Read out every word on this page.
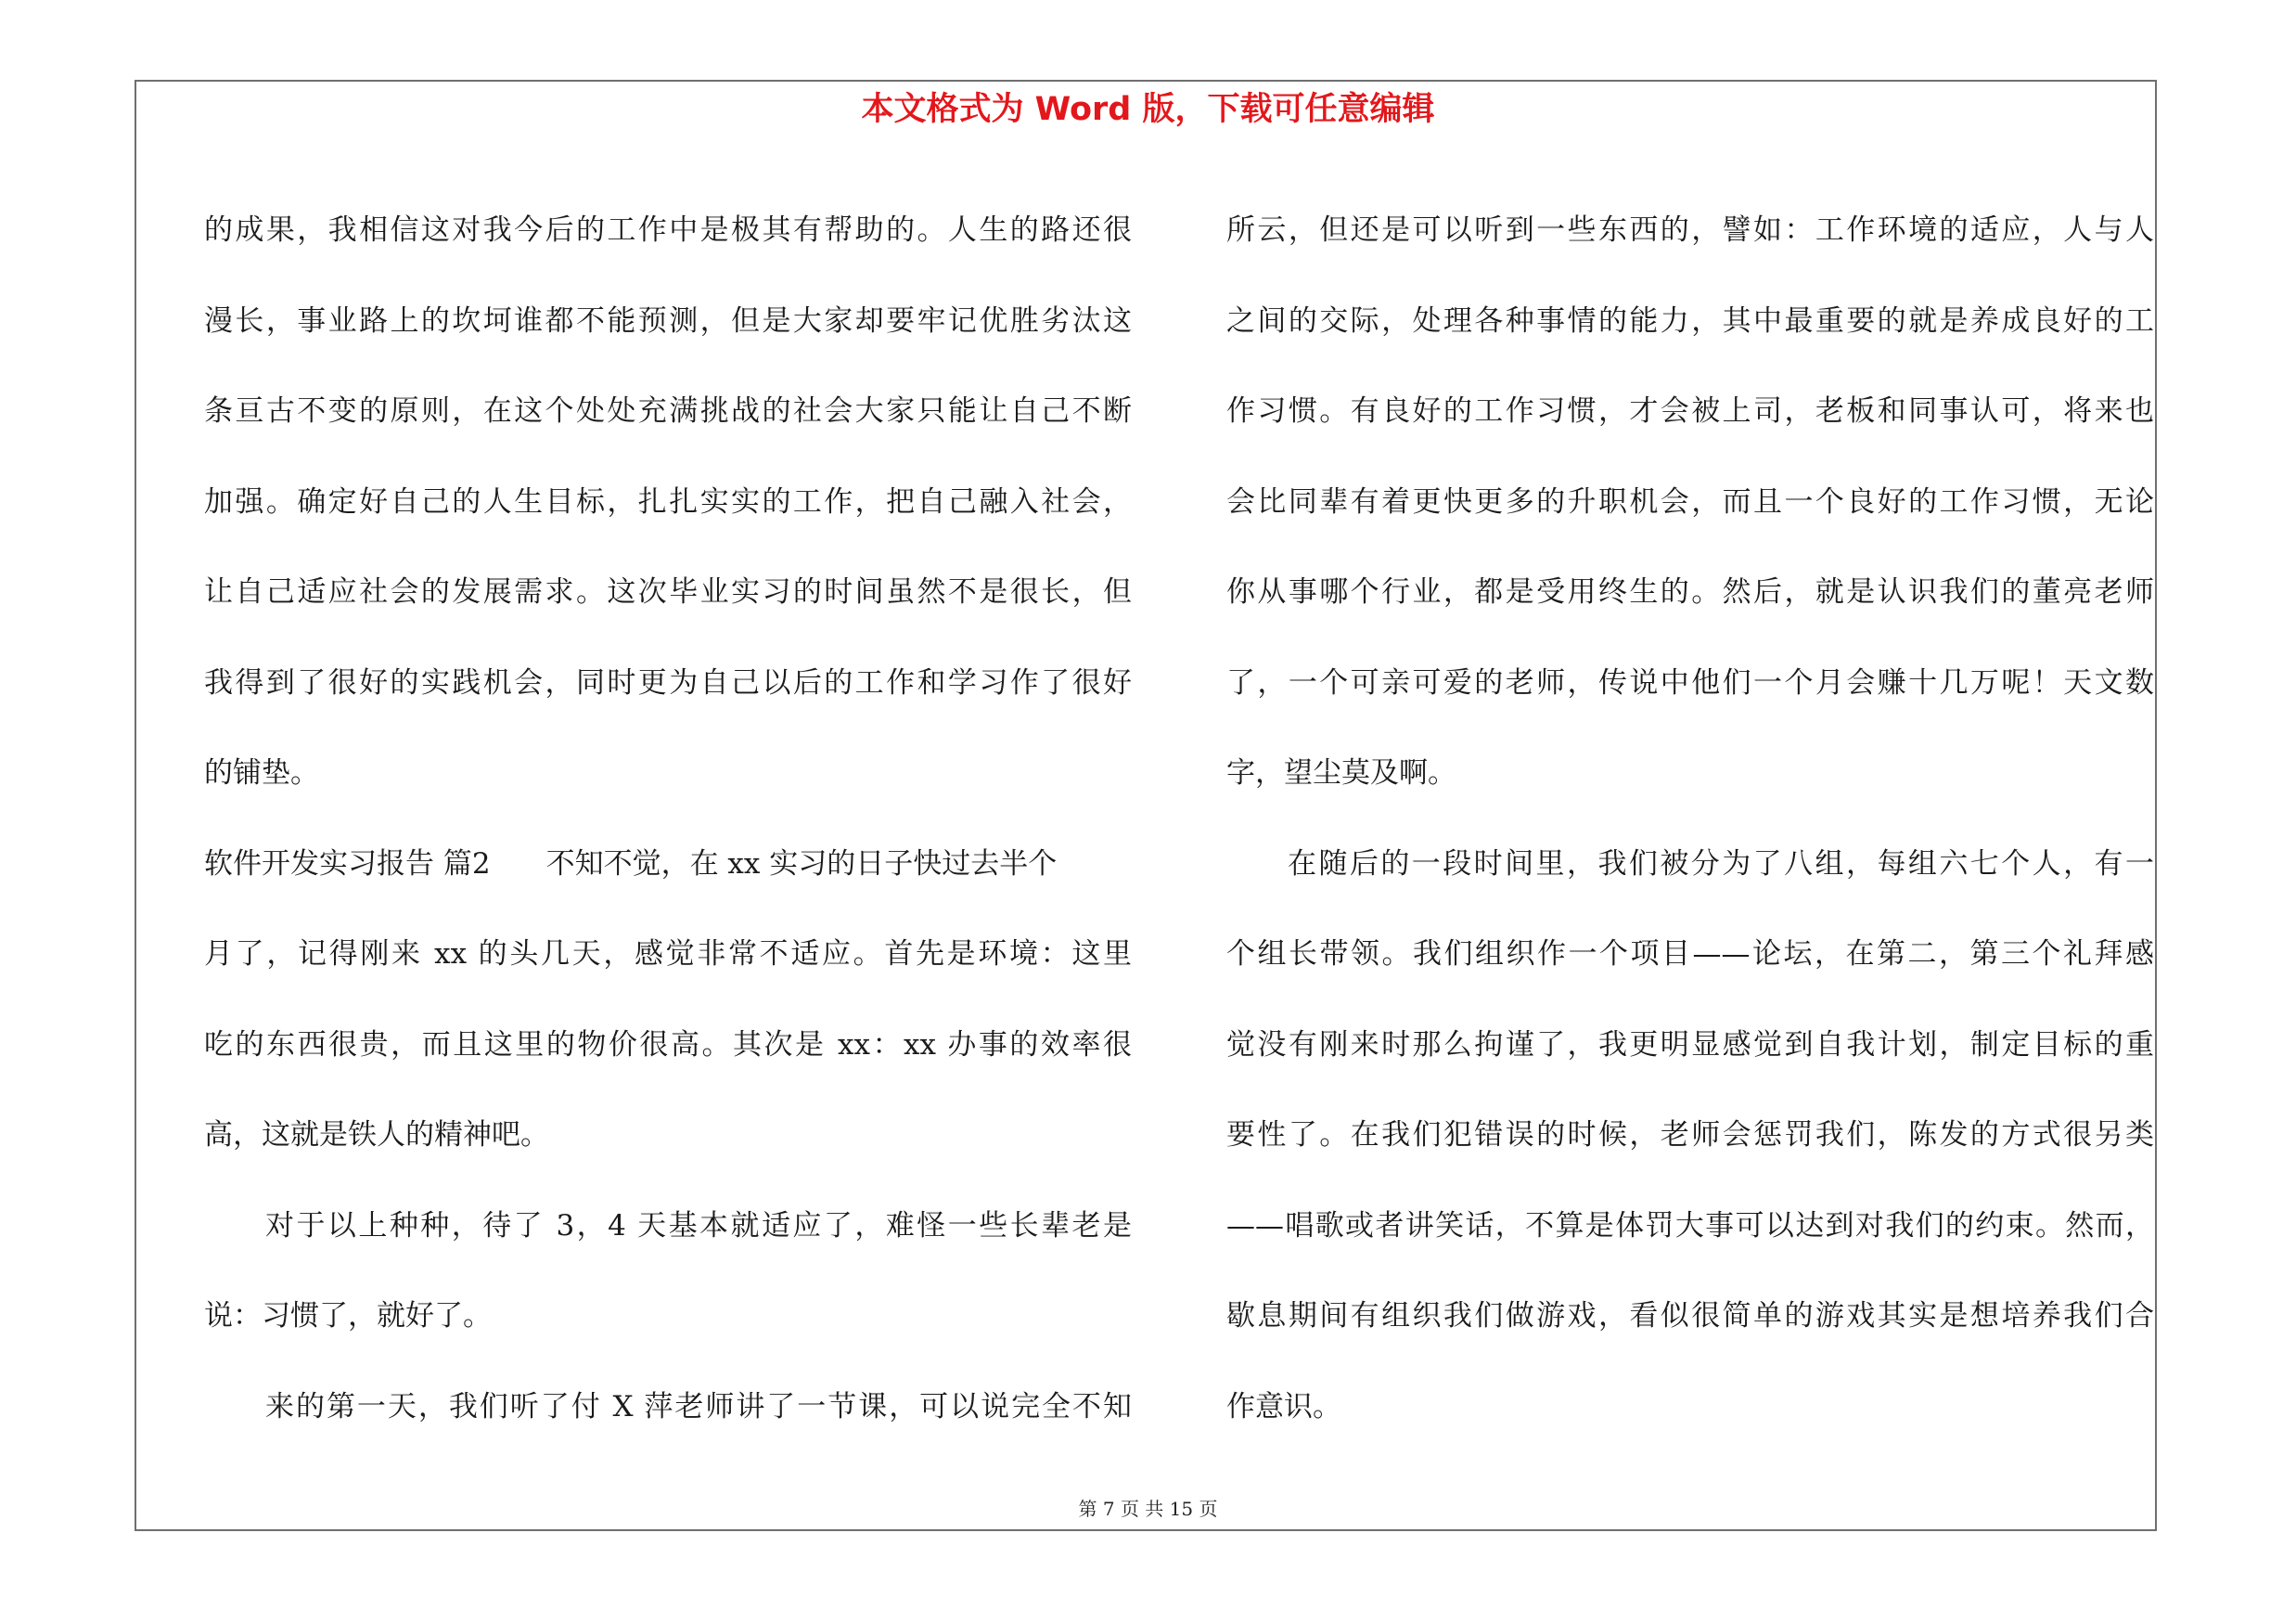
本文格式为 Word 版，下载可任意编辑
的成果，我相信这对我今后的工作中是极其有帮助的。人生的路还很
漫长，事业路上的坎坷谁都不能预测，但是大家却要牢记优胜劣汰这
条亘古不变的原则，在这个处处充满挑战的社会大家只能让自己不断
加强。确定好自己的人生目标，扎扎实实的工作，把自己融入社会，
让自己适应社会的发展需求。这次毕业实习的时间虽然不是很长，但
我得到了很好的实践机会，同时更为自己以后的工作和学习作了很好
的铺垫。
软件开发实习报告 篇2 不知不觉，在 xx 实习的日子快过去半个
月了，记得刚来 xx 的头几天，感觉非常不适应。首先是环境：这里
吃的东西很贵，而且这里的物价很高。其次是 xx：xx 办事的效率很
高，这就是铁人的精神吧。
对于以上种种，待了 3，4 天基本就适应了，难怪一些长辈老是
说：习惯了，就好了。
来的第一天，我们听了付 X 萍老师讲了一节课，可以说完全不知
所云，但还是可以听到一些东西的，譬如：工作环境的适应，人与人
之间的交际，处理各种事情的能力，其中最重要的就是养成良好的工
作习惯。有良好的工作习惯，才会被上司，老板和同事认可，将来也
会比同辈有着更快更多的升职机会，而且一个良好的工作习惯，无论
你从事哪个行业，都是受用终生的。然后，就是认识我们的董亮老师
了，一个可亲可爱的老师，传说中他们一个月会赚十几万呢！天文数
字，望尘莫及啊。
在随后的一段时间里，我们被分为了八组，每组六七个人，有一
个组长带领。我们组织作一个项目——论坛，在第二，第三个礼拜感
觉没有刚来时那么拘谨了，我更明显感觉到自我计划，制定目标的重
要性了。在我们犯错误的时候，老师会惩罚我们，陈发的方式很另类
——唱歌或者讲笑话，不算是体罚大事可以达到对我们的约束。然而，
歇息期间有组织我们做游戏，看似很简单的游戏其实是想培养我们合
作意识。
第 7 页 共 15 页
